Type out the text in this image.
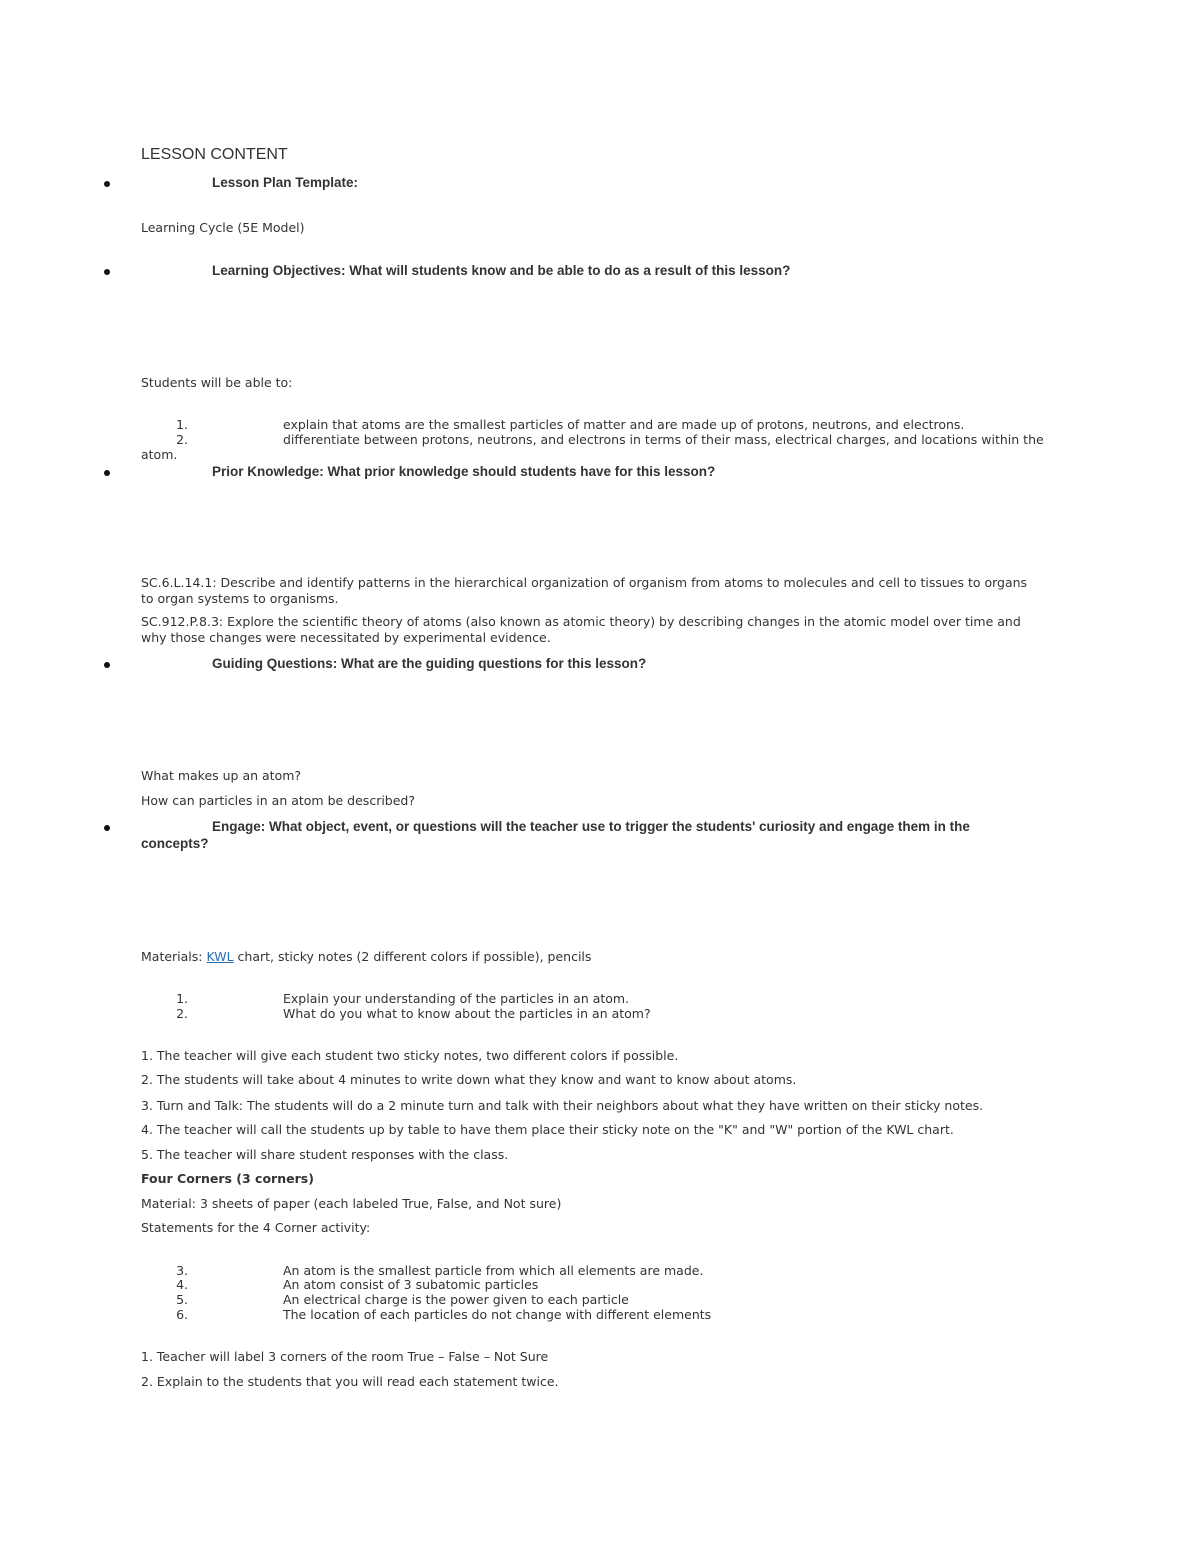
LESSON CONTENT
Lesson Plan Template:
Learning Cycle (5E Model)
Learning Objectives: What will students know and be able to do as a result of this lesson?
Students will be able to:
1.	explain that atoms are the smallest particles of matter and are made up of protons, neutrons, and electrons.
2.	differentiate between protons, neutrons, and electrons in terms of their mass, electrical charges, and locations within the
atom.
Prior Knowledge: What prior knowledge should students have for this lesson?
SC.6.L.14.1: Describe and identify patterns in the hierarchical organization of organism from atoms to molecules and cell to tissues to organs
to organ systems to organisms.
SC.912.P.8.3: Explore the scientific theory of atoms (also known as atomic theory) by describing changes in the atomic model over time and
why those changes were necessitated by experimental evidence.
Guiding Questions: What are the guiding questions for this lesson?
What makes up an atom?
How can particles in an atom be described?
Engage: What object, event, or questions will the teacher use to trigger the students' curiosity and engage them in the
concepts?
Materials: KWL chart, sticky notes (2 different colors if possible), pencils
1.	Explain your understanding of the particles in an atom.
2.	What do you what to know about the particles in an atom?
1. The teacher will give each student two sticky notes, two different colors if possible.
2. The students will take about 4 minutes to write down what they know and want to know about atoms.
3. Turn and Talk: The students will do a 2 minute turn and talk with their neighbors about what they have written on their sticky notes.
4. The teacher will call the students up by table to have them place their sticky note on the "K" and "W" portion of the KWL chart.
5. The teacher will share student responses with the class.
Four Corners (3 corners)
Material: 3 sheets of paper (each labeled True, False, and Not sure)
Statements for the 4 Corner activity:
3.	An atom is the smallest particle from which all elements are made.
4.	An atom consist of 3 subatomic particles
5.	An electrical charge is the power given to each particle
6.	The location of each particles do not change with different elements
1. Teacher will label 3 corners of the room True – False – Not Sure
2. Explain to the students that you will read each statement twice.
